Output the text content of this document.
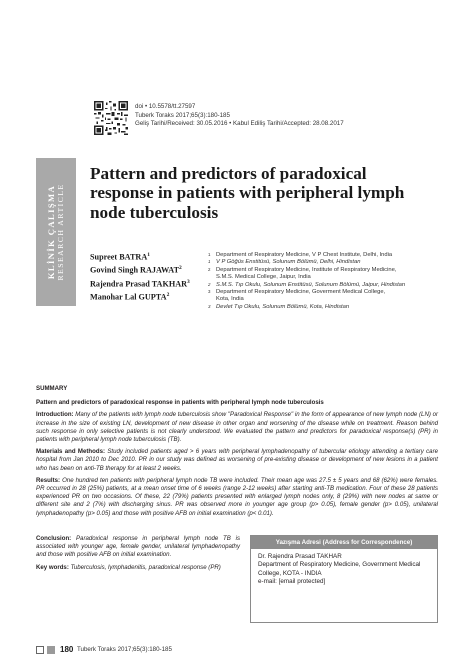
doi • 10.5578/tt.27597
Tuberk Toraks 2017;65(3):180-185
Geliş Tarihi/Received: 30.05.2016 • Kabul Ediliş Tarihi/Accepted: 28.08.2017
KLİNİK ÇALIŞMA RESEARCH ARTICLE
Pattern and predictors of paradoxical response in patients with peripheral lymph node tuberculosis
Supreet BATRA$^1$
Govind Singh RAJAWAT$^2$
Rajendra Prasad TAKHAR$^3$
Manohar Lal GUPTA$^2$
1 Department of Respiratory Medicine, V P Chest Institute, Delhi, India
1 V P Göğüs Enstitüsü, Solunum Bölümü, Delhi, Hindistan
2 Department of Respiratory Medicine, Institute of Respiratory Medicine,
S.M.S. Medical College, Jaipur, India
2 S.M.S. Tıp Okulu, Solunum Enstitüsü, Solunum Bölümü, Jaipur, Hindistan
3 Department of Respiratory Medicine, Goverment Medical College,
Kota, India
3 Devlet Tıp Okulu, Solunum Bölümü, Kota, Hindistan
SUMMARY
Pattern and predictors of paradoxical response in patients with peripheral lymph node tuberculosis

Introduction: Many of the patients with lymph node tuberculosis show "Paradoxical Response" in the form of appearance of new lymph node (LN) or increase in the size of existing LN, development of new disease in other organ and worsening of the disease while on treatment. Reason behind such response in only selective patients is not clearly understood. We evaluated the pattern and predictors for paradoxical response(s) (PR) in patients with peripheral lymph node tuberculosis (TB).

Materials and Methods: Study included patients aged > 6 years with peripheral lymphadenopathy of tubercular etiology attending a tertiary care hospital from Jan 2010 to Dec 2010. PR in our study was defined as worsening of pre-existing disease or development of new lesions in a patient who has been on anti-TB therapy for at least 2 weeks.

Results: One hundred ten patients with peripheral lymph node TB were included. Their mean age was 27.5 ± 5 years and 68 (62%) were females. PR occurred in 28 (25%) patients, at a mean onset time of 6 weeks (range 2-12 weeks) after starting anti-TB medication. Four of these 28 patients experienced PR on two occasions. Of these, 22 (79%) patients presented with enlarged lymph nodes only, 8 (29%) with new nodes at same or different site and 2 (7%) with discharging sinus. PR was observed more in younger age group (p> 0.05), female gender (p> 0.05), unilateral lymphadenopathy (p> 0.05) and those with positive AFB on initial examination (p< 0.01).

Conclusion: Paradoxical response in peripheral lymph node TB is associated with younger age, female gender, unilateral lymphadenopathy and those with positive AFB on initial examination.

Key words: Tuberculosis, lymphadenitis, paradoxical response (PR)

Yazışma Adresi (Address for Correspondence)
Dr. Rajendra Prasad TAKHAR
Department of Respiratory Medicine, Government Medical College, KOTA - INDIA
e-mail: [email protected]
180 Tuberk Toraks 2017;65(3):180-185
